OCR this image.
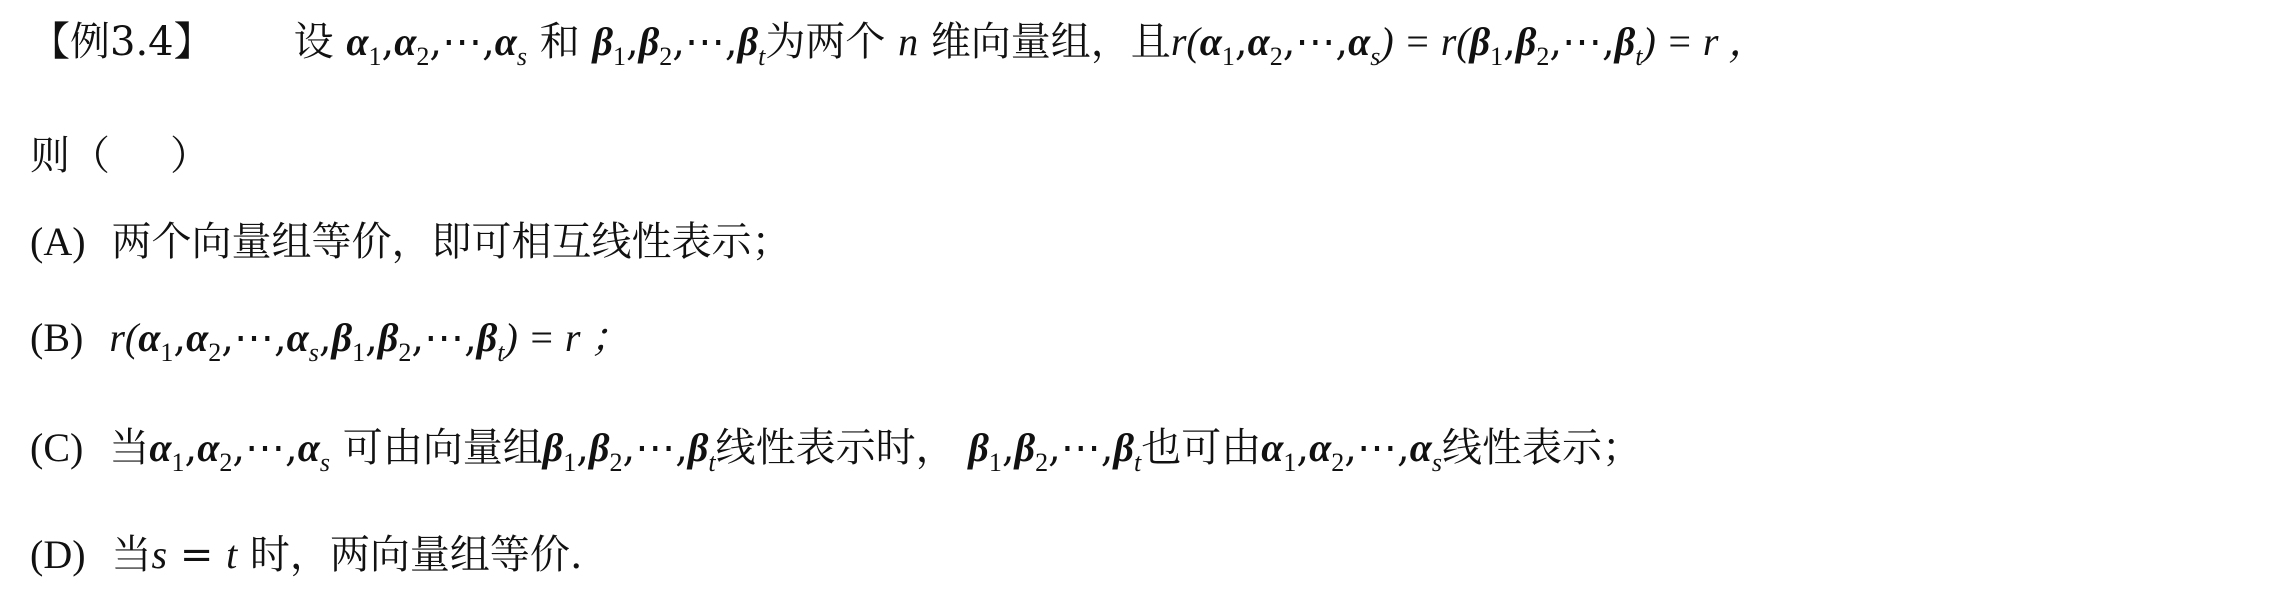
【例3.4】 设 $\alpha_1,\alpha_2,\cdots,\alpha_s$ 和 $\beta_1,\beta_2,\cdots,\beta_t$为两个 n 维向量组，且$r(\alpha_1,\alpha_2,\cdots,\alpha_s)$ = $r(\beta_1,\beta_2,\cdots,\beta_t) = r$ ，
则（ ）
(A) 两个向量组等价，即可相互线性表示；
(B) $r(\alpha_1,\alpha_2,\cdots,\alpha_s,\beta_1,\beta_2,\cdots,\beta_t) = r$ ；
(C) 当$\alpha_1,\alpha_2,\cdots,\alpha_s$ 可由向量组$\beta_1,\beta_2,\cdots,\beta_t$线性表示时， $\beta_1,\beta_2,\cdots,\beta_t$也可由$\alpha_1,\alpha_2,\cdots,\alpha_s$线性表示；
(D) 当s = t 时，两向量组等价.
